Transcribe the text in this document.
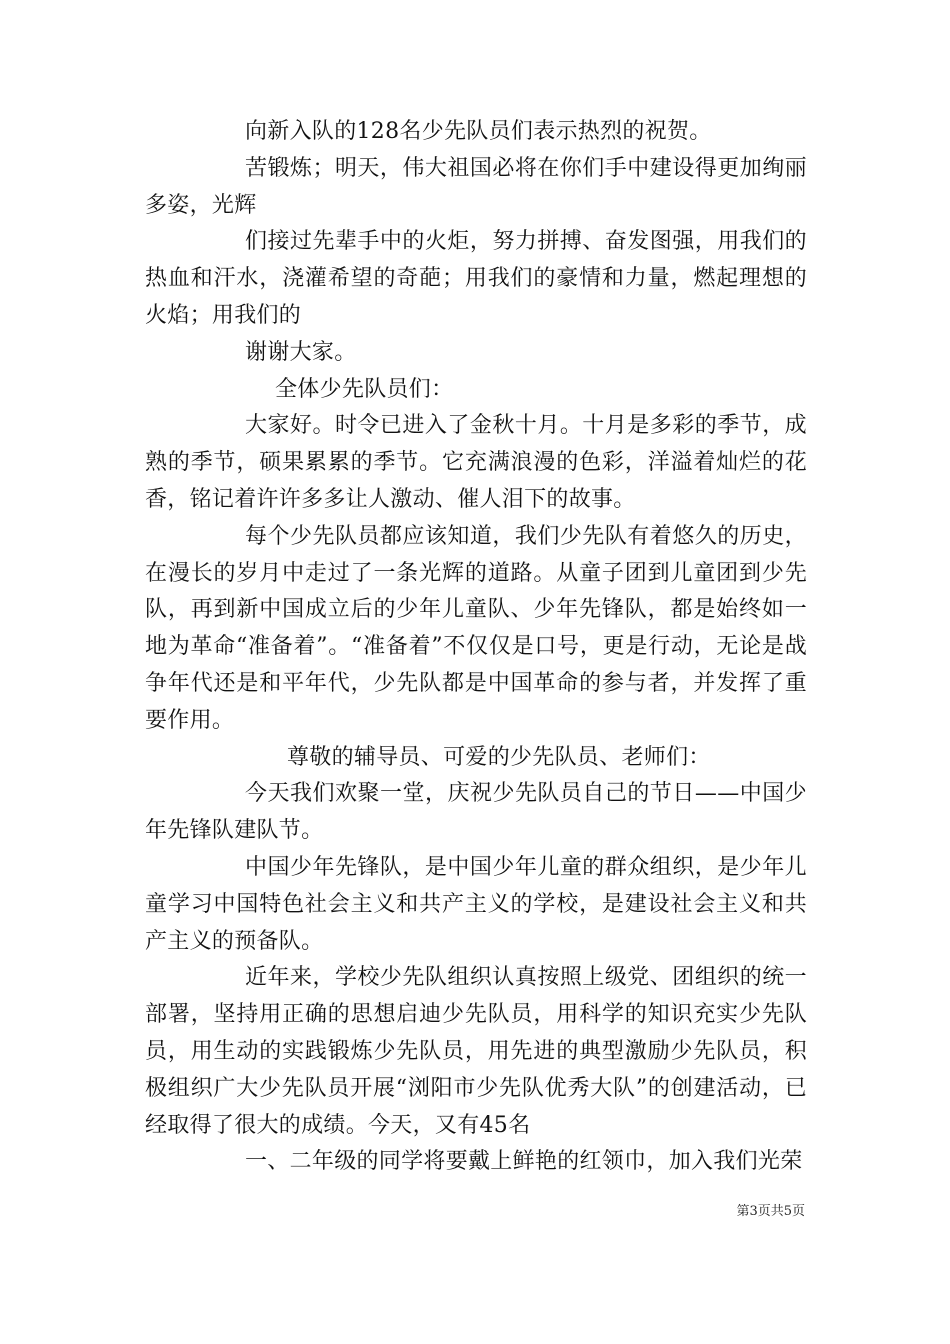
向新入队的128名少先队员们表示热烈的祝贺。

苦锻炼；明天，伟大祖国必将在你们手中建设得更加绚丽多姿，光辉

们接过先辈手中的火炬，努力拼搏、奋发图强，用我们的热血和汗水，浇灌希望的奇葩；用我们的豪情和力量，燃起理想的火焰；用我们的

谢谢大家。

全体少先队员们：

大家好。时令已进入了金秋十月。十月是多彩的季节，成熟的季节，硕果累累的季节。它充满浪漫的色彩，洋溢着灿烂的花香，铭记着许许多多让人激动、催人泪下的故事。

每个少先队员都应该知道，我们少先队有着悠久的历史，在漫长的岁月中走过了一条光辉的道路。从童子团到儿童团到少先队，再到新中国成立后的少年儿童队、少年先锋队，都是始终如一地为革命“准备着”。“准备着”不仅仅是口号，更是行动，无论是战争年代还是和平年代，少先队都是中国革命的参与者，并发挥了重要作用。

尊敬的辅导员、可爱的少先队员、老师们：

今天我们欢聚一堂，庆祝少先队员自己的节日——中国少年先锋队建队节。

中国少年先锋队，是中国少年儿童的群众组织，是少年儿童学习中国特色社会主义和共产主义的学校，是建设社会主义和共产主义的预备队。

近年来，学校少先队组织认真按照上级党、团组织的统一部署，坚持用正确的思想启迪少先队员，用科学的知识充实少先队员，用生动的实践锻炼少先队员，用先进的典型激励少先队员，积极组织广大少先队员开展“浏阳市少先队优秀大队”的创建活动，已经取得了很大的成绩。今天，又有45名

一、二年级的同学将要戴上鲜艳的红领巾，加入我们光荣

第3页共5页
